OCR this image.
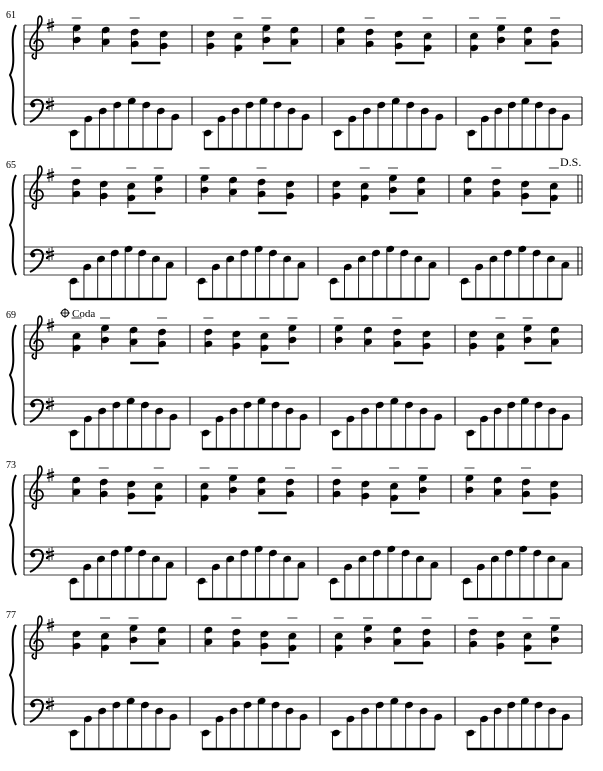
61
65	D.S.
69	Coda
73
77
